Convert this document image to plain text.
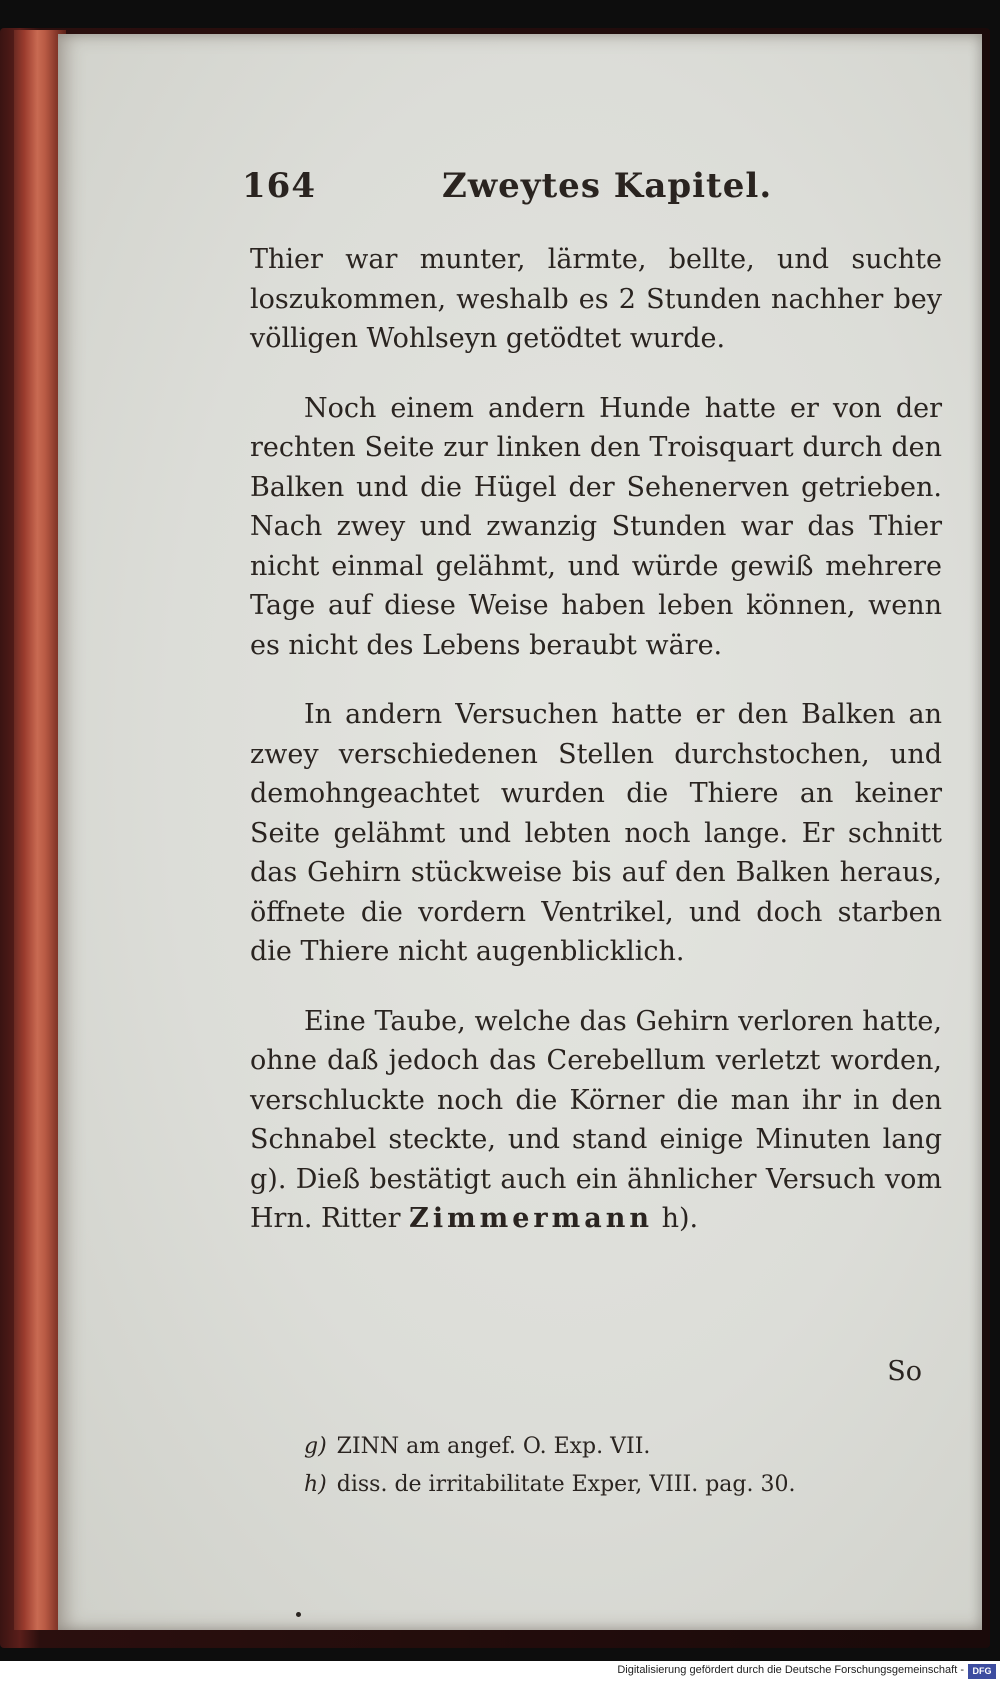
164	Zweytes Kapitel.

Thier war munter, lärmte, bellte, und suchte loszukommen, weshalb es 2 Stunden nachher bey völligen Wohlseyn getödtet wurde.

Noch einem andern Hunde hatte er von der rechten Seite zur linken den Troisquart durch den Balken und die Hügel der Sehenerven getrieben. Nach zwey und zwanzig Stunden war das Thier nicht einmal gelähmt, und würde gewiß mehrere Tage auf diese Weise haben leben können, wenn es nicht des Lebens beraubt wäre.

In andern Versuchen hatte er den Balken an zwey verschiedenen Stellen durchstochen, und demohngeachtet wurden die Thiere an keiner Seite gelähmt und lebten noch lange. Er schnitt das Gehirn stückweise bis auf den Balken heraus, öffnete die vordern Ventrikel, und doch starben die Thiere nicht augenblicklich.

Eine Taube, welche das Gehirn verloren hatte, ohne daß jedoch das Cerebellum verletzt worden, verschluckte noch die Körner die man ihr in den Schnabel steckte, und stand einige Minuten lang g). Dieß bestätigt auch ein ähnlicher Versuch vom Hrn. Ritter Zimmermann h).

So
g) ZINN am angef. O. Exp. VII.
h) diss. de irritabilitate Exper, VIII. pag. 30.
Digitalisierung gefördert durch die Deutsche Forschungsgemeinschaft - DFG
